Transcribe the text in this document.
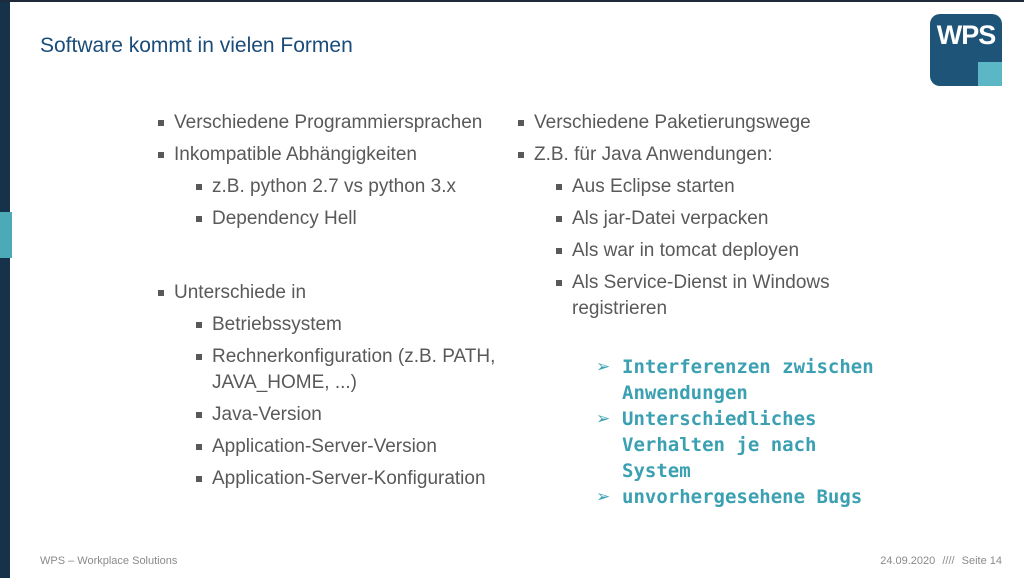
Software kommt in vielen Formen	WPS
Verschiedene Programmiersprachen
Inkompatible Abhängigkeiten
z.B. python 2.7 vs python 3.x
Dependency Hell
Unterschiede in
Betriebssystem
Rechnerkonfiguration (z.B. PATH, JAVA_HOME, ...)
Java-Version
Application-Server-Version
Application-Server-Konfiguration
Verschiedene Paketierungswege
Z.B. für Java Anwendungen:
Aus Eclipse starten
Als jar-Datei verpacken
Als war in tomcat deployen
Als Service-Dienst in Windows registrieren
➢ Interferenzen zwischen Anwendungen
➢ Unterschiedliches Verhalten je nach System
➢ unvorhergesehene Bugs
WPS – Workplace Solutions	24.09.2020 //// Seite 14
